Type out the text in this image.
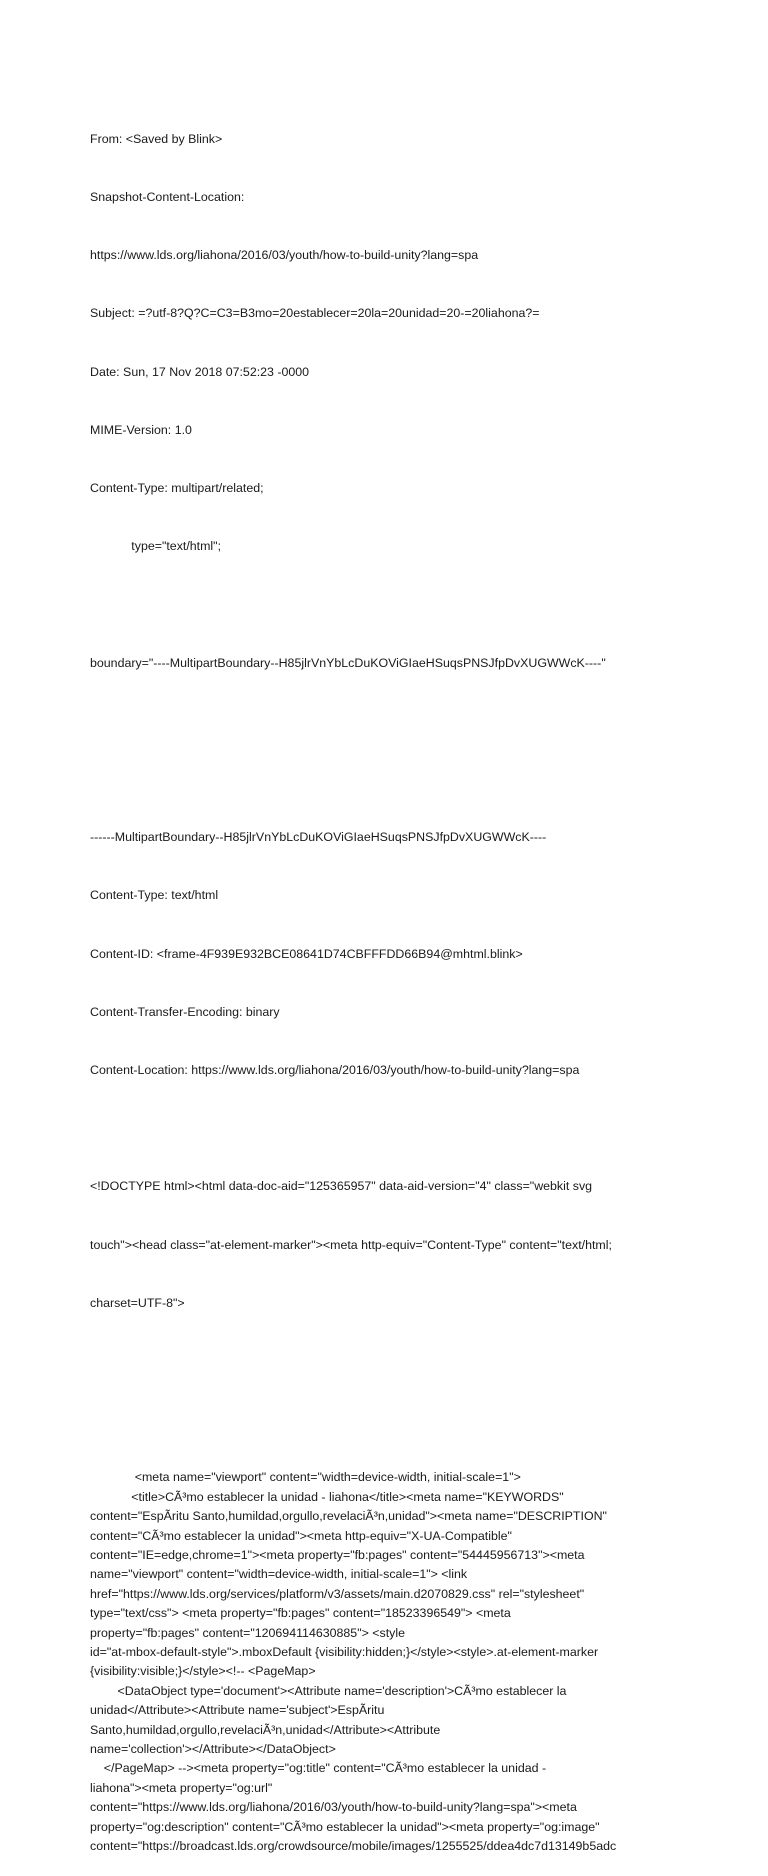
From: <Saved by Blink>

Snapshot-Content-Location:

https://www.lds.org/liahona/2016/03/youth/how-to-build-unity?lang=spa

Subject: =?utf-8?Q?C=C3=B3mo=20establecer=20la=20unidad=20-=20liahona?=

Date: Sun, 17 Nov 2018 07:52:23 -0000

MIME-Version: 1.0

Content-Type: multipart/related;

type="text/html";

boundary="----MultipartBoundary--H85jlrVnYbLcDuKOViGIaeHSuqsPNSJfpDvXUGWWcK----"

------MultipartBoundary--H85jlrVnYbLcDuKOViGIaeHSuqsPNSJfpDvXUGWWcK----

Content-Type: text/html

Content-ID: <frame-4F939E932BCE08641D74CBFFFDD66B94@mhtml.blink>

Content-Transfer-Encoding: binary

Content-Location: https://www.lds.org/liahona/2016/03/youth/how-to-build-unity?lang=spa

<!DOCTYPE html><html data-doc-aid="125365957" data-aid-version="4" class="webkit svg

touch"><head class="at-element-marker"><meta http-equiv="Content-Type" content="text/html;

charset=UTF-8">

<meta name="viewport" content="width=device-width, initial-scale=1">
<title>CÃ³mo establecer la unidad - liahona</title><meta name="KEYWORDS"
content="EspÃritu Santo,humildad,orgullo,revelaciÃ³n,unidad"><meta name="DESCRIPTION"
content="CÃ³mo establecer la unidad"><meta http-equiv="X-UA-Compatible"
content="IE=edge,chrome=1"><meta property="fb:pages" content="54445956713"><meta
name="viewport" content="width=device-width, initial-scale=1"> <link
href="https://www.lds.org/services/platform/v3/assets/main.d2070829.css" rel="stylesheet"
type="text/css"> <meta property="fb:pages" content="18523396549"> <meta
property="fb:pages" content="120694114630885"> <style
id="at-mbox-default-style">.mboxDefault {visibility:hidden;}</style><style>.at-element-marker
{visibility:visible;}</style><!-- <PageMap>
<DataObject type='document'><Attribute name='description'>CÃ³mo establecer la
unidad</Attribute><Attribute name='subject'>EspÃritu
Santo,humildad,orgullo,revelaciÃ³n,unidad</Attribute><Attribute
name='collection'></Attribute></DataObject>
</PageMap> --><meta property="og:title" content="CÃ³mo establecer la unidad -
liahona"><meta property="og:url"
content="https://www.lds.org/liahona/2016/03/youth/how-to-build-unity?lang=spa"><meta
property="og:description" content="CÃ³mo establecer la unidad"><meta property="og:image"
content="https://broadcast.lds.org/crowdsource/mobile/images/1255525/ddea4dc7d13149b5adc
